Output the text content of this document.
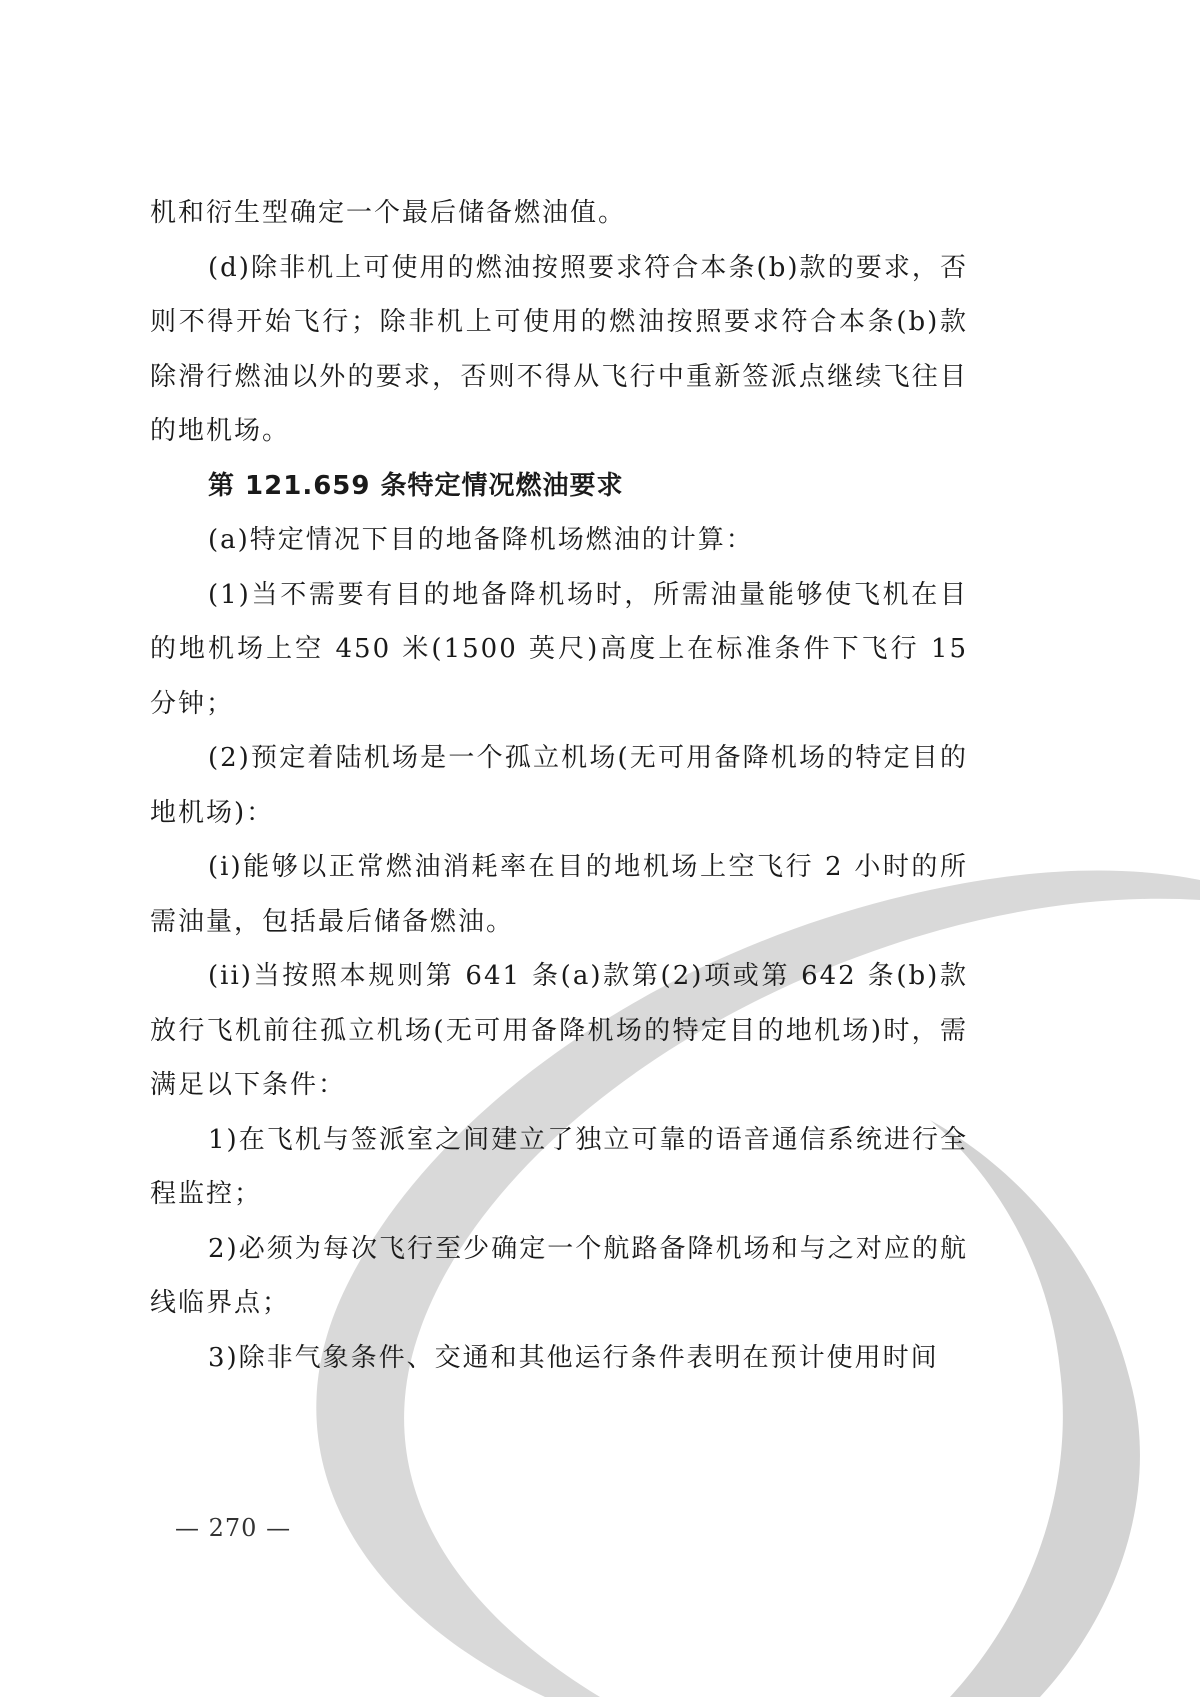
机和衍生型确定一个最后储备燃油值。

(d)除非机上可使用的燃油按照要求符合本条(b)款的要求，否则不得开始飞行；除非机上可使用的燃油按照要求符合本条(b)款除滑行燃油以外的要求，否则不得从飞行中重新签派点继续飞往目的地机场。

第 121.659 条特定情况燃油要求

(a)特定情况下目的地备降机场燃油的计算：

(1)当不需要有目的地备降机场时，所需油量能够使飞机在目的地机场上空 450 米(1500 英尺)高度上在标准条件下飞行 15 分钟；

(2)预定着陆机场是一个孤立机场(无可用备降机场的特定目的地机场)：

(i)能够以正常燃油消耗率在目的地机场上空飞行 2 小时的所需油量，包括最后储备燃油。

(ii)当按照本规则第 641 条(a)款第(2)项或第 642 条(b)款放行飞机前往孤立机场(无可用备降机场的特定目的地机场)时，需满足以下条件：

1)在飞机与签派室之间建立了独立可靠的语音通信系统进行全程监控；

2)必须为每次飞行至少确定一个航路备降机场和与之对应的航线临界点；

3)除非气象条件、交通和其他运行条件表明在预计使用时间

— 270 —
